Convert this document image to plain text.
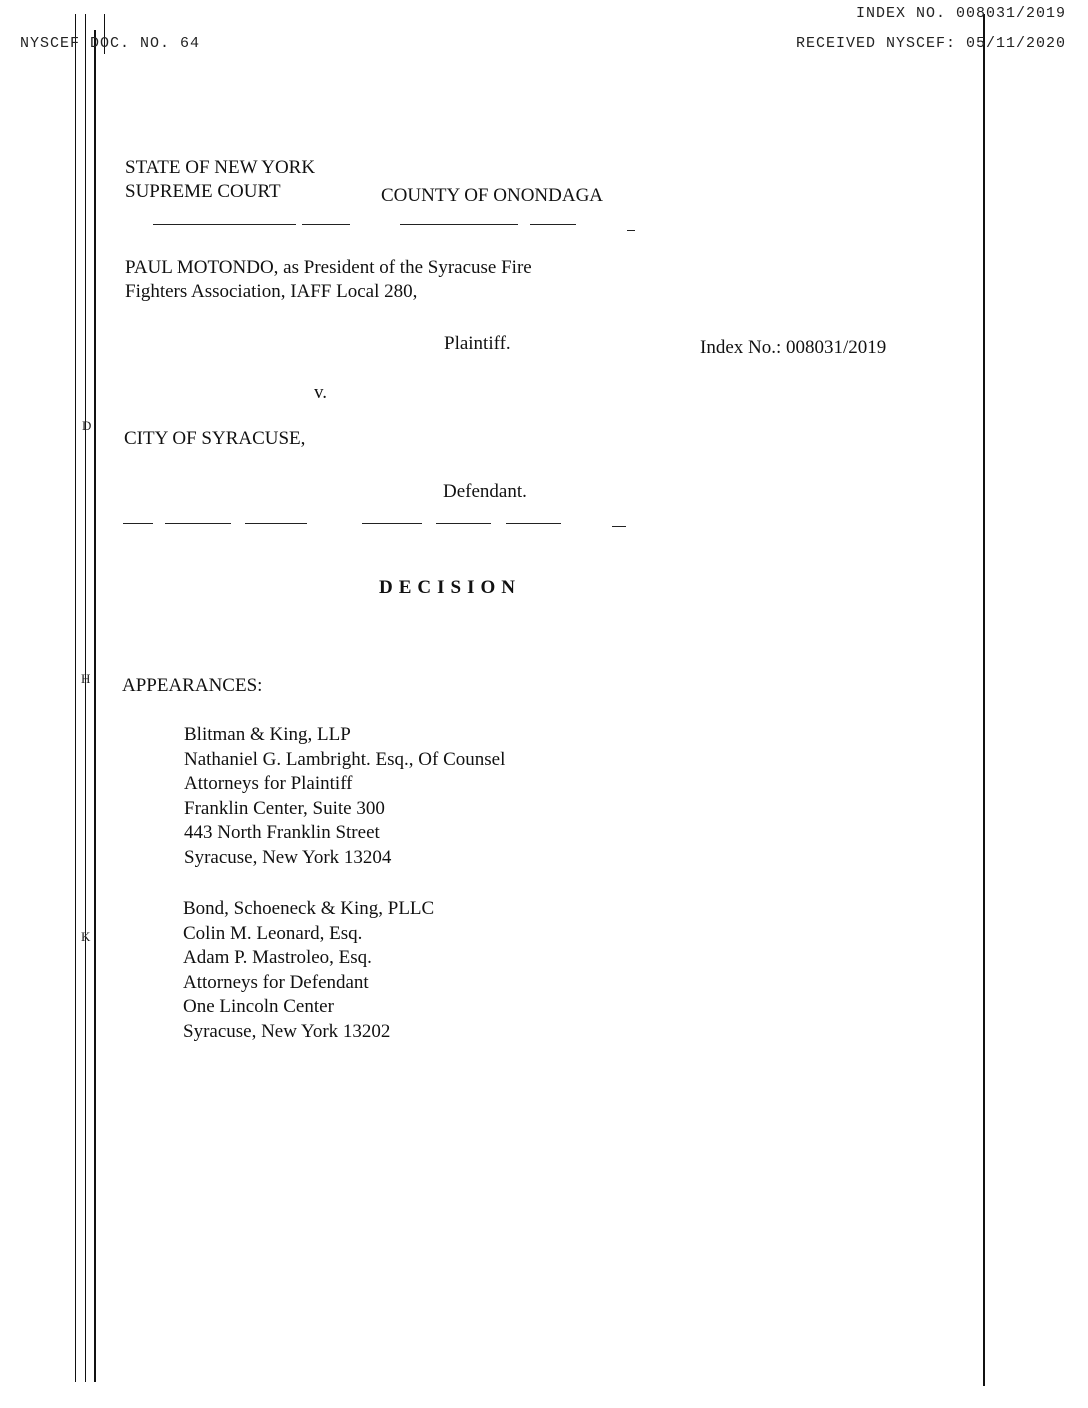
INDEX NO. 008031/2019
NYSCEF DOC. NO. 64	RECEIVED NYSCEF: 05/11/2020
D
H
K
STATE OF NEW YORK
SUPREME COURT	COUNTY OF ONONDAGA
PAUL MOTONDO, as President of the Syracuse Fire
Fighters Association, IAFF Local 280,
Plaintiff.	Index No.: 008031/2019
v.
CITY OF SYRACUSE,
Defendant.
DECISION
APPEARANCES:
Blitman & King, LLP
Nathaniel G. Lambright. Esq., Of Counsel
Attorneys for Plaintiff
Franklin Center, Suite 300
443 North Franklin Street
Syracuse, New York 13204
Bond, Schoeneck & King, PLLC
Colin M. Leonard, Esq.
Adam P. Mastroleo, Esq.
Attorneys for Defendant
One Lincoln Center
Syracuse, New York 13202
